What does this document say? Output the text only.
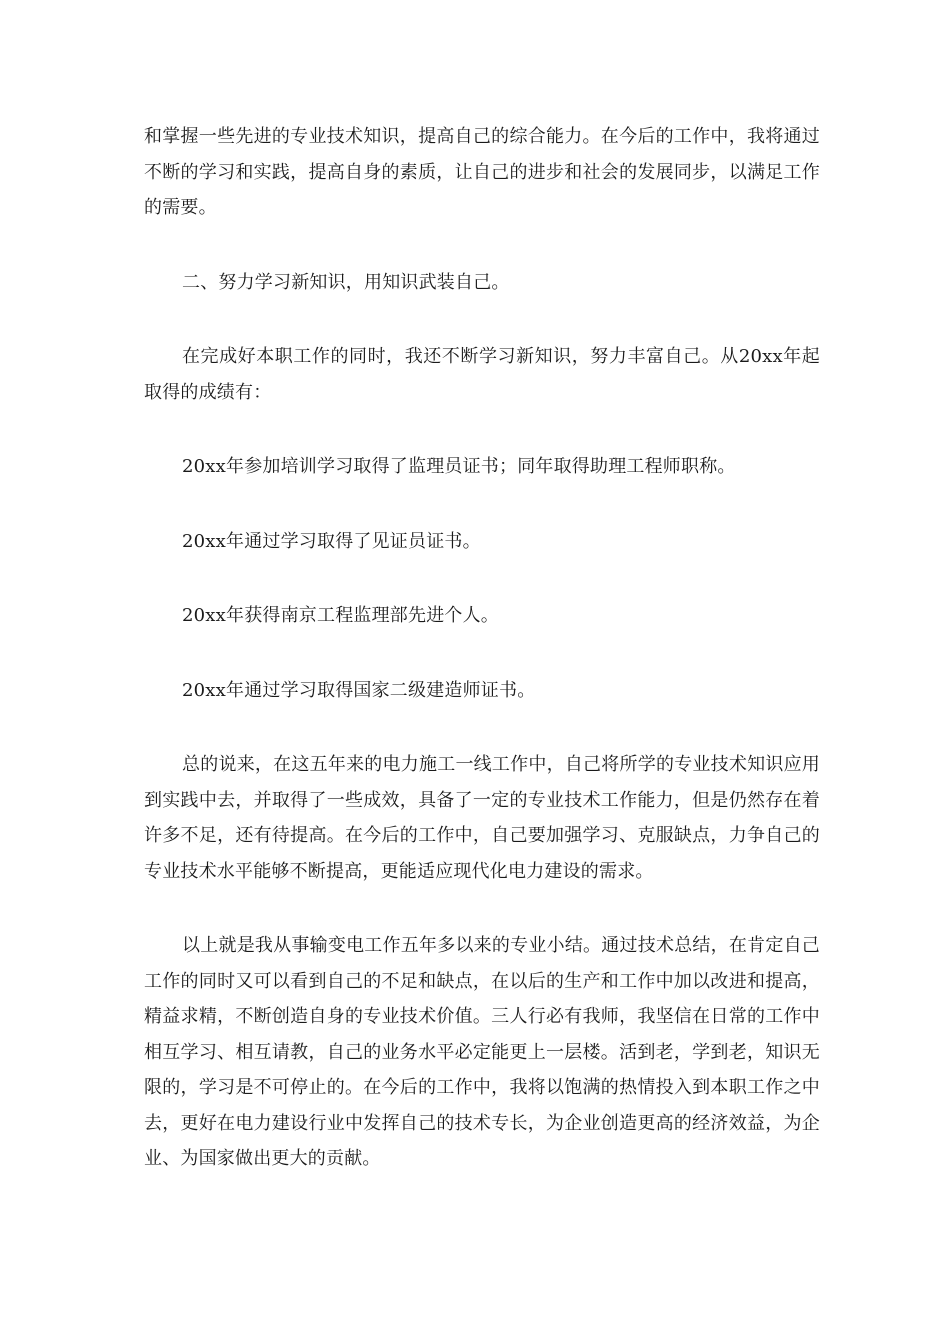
和掌握一些先进的专业技术知识，提高自己的综合能力。在今后的工作中，我将通过不断的学习和实践，提高自身的素质，让自己的进步和社会的发展同步，以满足工作的需要。

二、努力学习新知识，用知识武装自己。

在完成好本职工作的同时，我还不断学习新知识，努力丰富自己。从20xx年起取得的成绩有：

20xx年参加培训学习取得了监理员证书；同年取得助理工程师职称。

20xx年通过学习取得了见证员证书。

20xx年获得南京工程监理部先进个人。

20xx年通过学习取得国家二级建造师证书。

总的说来，在这五年来的电力施工一线工作中，自己将所学的专业技术知识应用到实践中去，并取得了一些成效，具备了一定的专业技术工作能力，但是仍然存在着许多不足，还有待提高。在今后的工作中，自己要加强学习、克服缺点，力争自己的专业技术水平能够不断提高，更能适应现代化电力建设的需求。

以上就是我从事输变电工作五年多以来的专业小结。通过技术总结，在肯定自己工作的同时又可以看到自己的不足和缺点，在以后的生产和工作中加以改进和提高，精益求精，不断创造自身的专业技术价值。三人行必有我师，我坚信在日常的工作中相互学习、相互请教，自己的业务水平必定能更上一层楼。活到老，学到老，知识无限的，学习是不可停止的。在今后的工作中，我将以饱满的热情投入到本职工作之中去，更好在电力建设行业中发挥自己的技术专长，为企业创造更高的经济效益，为企业、为国家做出更大的贡献。
